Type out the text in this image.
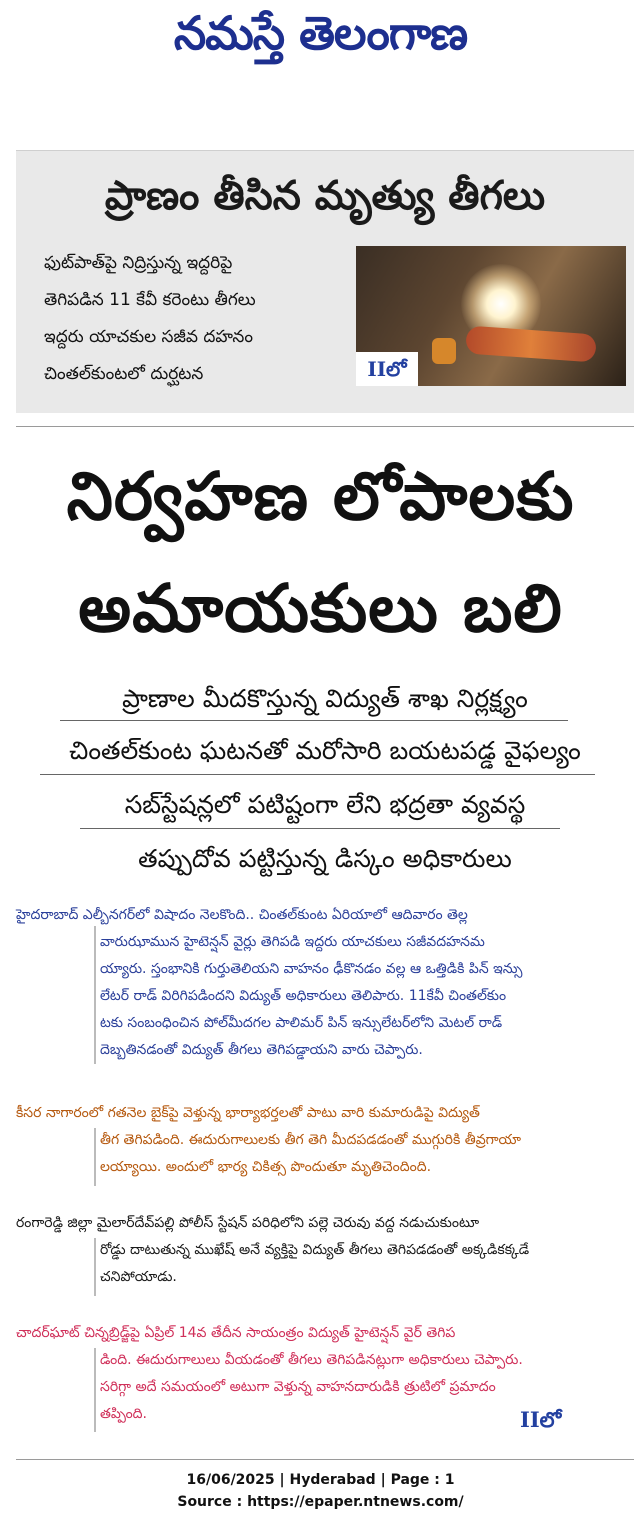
నమస్తే తెలంగాణ
ప్రాణం తీసిన మృత్యు తీగలు
ఫుట్‌పాత్‌పై నిద్రిస్తున్న ఇద్దరిపై
తెగిపడిన 11 కేవీ కరెంటు తీగలు
ఇద్దరు యాచకుల సజీవ దహనం
చింతల్‌కుంటలో దుర్ఘటన	IIలో
నిర్వహణ లోపాలకు
అమాయకులు బలి
ప్రాణాల మీదకొస్తున్న విద్యుత్ శాఖ నిర్లక్ష్యం
చింతల్‌కుంట ఘటనతో మరోసారి బయటపడ్డ వైఫల్యం
సబ్‌స్టేషన్లలో పటిష్టంగా లేని భద్రతా వ్యవస్థ
తప్పుదోవ పట్టిస్తున్న డిస్కం అధికారులు
హైదరాబాద్ ఎల్బీనగర్‌లో విషాదం నెలకొంది.. చింతల్‌కుంట ఏరియాలో ఆదివారం తెల్ల
వారుఝామున హైటెన్షన్ వైర్లు తెగిపడి ఇద్దరు యాచకులు సజీవదహనమ
య్యారు. స్తంభానికి గుర్తుతెలియని వాహనం ఢీకొనడం వల్ల ఆ ఒత్తిడికి పిన్ ఇన్సు
లేటర్ రాడ్ విరిగిపడిందని విద్యుత్ అధికారులు తెలిపారు. 11కేవీ చింతల్‌కుం
టకు సంబంధించిన పోల్‌మీదగల పాలిమర్ పిన్ ఇన్సులేటర్‌లోని మెటల్ రాడ్
దెబ్బతినడంతో విద్యుత్ తీగలు తెగిపడ్డాయని వారు చెప్పారు.
కీసర నాగారంలో గతనెల బైక్‌పై వెళ్తున్న భార్యాభర్తలతో పాటు వారి కుమారుడిపై విద్యుత్
తీగ తెగిపడింది. ఈదురుగాలులకు తీగ తెగి మీదపడడంతో ముగ్గురికి తీవ్రగాయా
లయ్యాయి. అందులో భార్య చికిత్స పొందుతూ మృతిచెందింది.
రంగారెడ్డి జిల్లా మైలార్‌దేవ్‌పల్లి పోలీస్ స్టేషన్ పరిధిలోని పల్లె చెరువు వద్ద నడుచుకుంటూ
రోడ్డు దాటుతున్న ముఖేష్ అనే వ్యక్తిపై విద్యుత్ తీగలు తెగిపడడంతో అక్కడికక్కడే
చనిపోయాడు.
చాదర్‌ఘాట్ చిన్నబ్రిడ్జ్‌పై ఏప్రిల్ 14వ తేదీన సాయంత్రం విద్యుత్ హైటెన్షన్ వైర్ తెగిప
డింది. ఈదురుగాలులు వీయడంతో తీగలు తెగిపడినట్లుగా అధికారులు చెప్పారు.
సరిగ్గా అదే సమయంలో అటుగా వెళ్తున్న వాహనదారుడికి త్రుటిలో ప్రమాదం
తప్పింది.	IIలో
16/06/2025 | Hyderabad | Page : 1
Source : https://epaper.ntnews.com/
